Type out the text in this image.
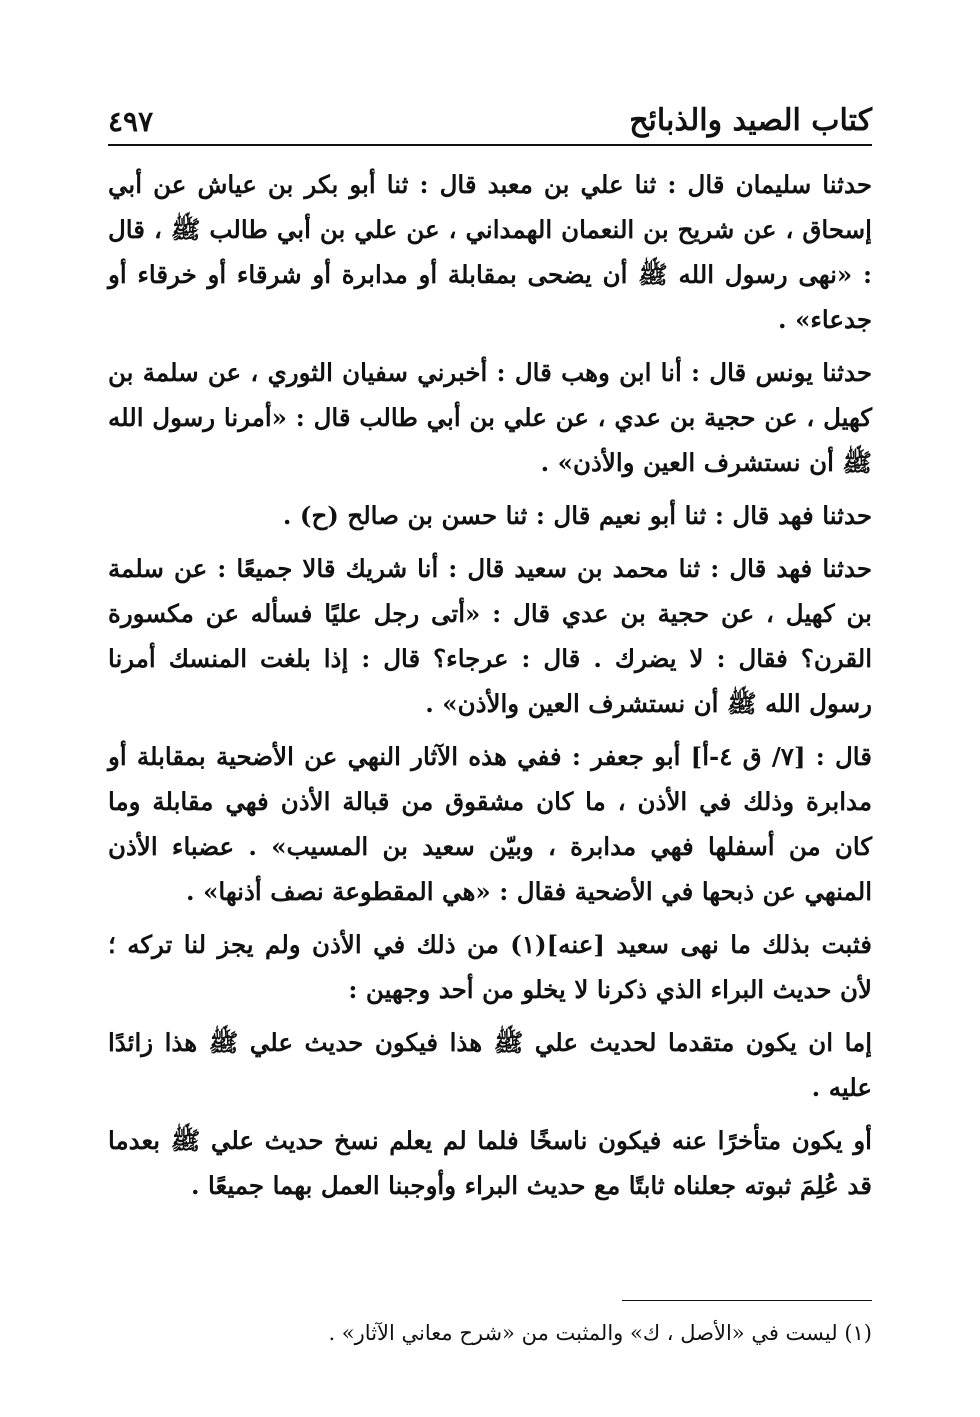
كتاب الصيد والذبائح
٤٩٧

حدثنا سليمان قال : ثنا علي بن معبد قال : ثنا أبو بكر بن عياش عن أبي إسحاق ، عن شريح بن النعمان الهمداني ، عن علي بن أبي طالب ﷺ ، قال : «نهى رسول الله ﷺ أن يضحى بمقابلة أو مدابرة أو شرقاء أو خرقاء أو جدعاء» .

حدثنا يونس قال : أنا ابن وهب قال : أخبرني سفيان الثوري ، عن سلمة بن كهيل ، عن حجية بن عدي ، عن علي بن أبي طالب قال : «أمرنا رسول الله ﷺ أن نستشرف العين والأذن» .

حدثنا فهد قال : ثنا أبو نعيم قال : ثنا حسن بن صالح (ح) .

حدثنا فهد قال : ثنا محمد بن سعيد قال : أنا شريك قالا جميعًا : عن سلمة بن كهيل ، عن حجية بن عدي قال : «أتى رجل عليًا فسأله عن مكسورة القرن؟ فقال : لا يضرك . قال : عرجاء؟ قال : إذا بلغت المنسك أمرنا رسول الله ﷺ أن نستشرف العين والأذن» .

قال : [٧/ ق ٤-أ] أبو جعفر : ففي هذه الآثار النهي عن الأضحية بمقابلة أو مدابرة وذلك في الأذن ، ما كان مشقوق من قبالة الأذن فهي مقابلة وما كان من أسفلها فهي مدابرة ، وبيّن سعيد بن المسيب» . عضباء الأذن المنهي عن ذبحها في الأضحية فقال : «هي المقطوعة نصف أذنها» .

فثبت بذلك ما نهى سعيد [عنه](١) من ذلك في الأذن ولم يجز لنا تركه ؛ لأن حديث البراء الذي ذكرنا لا يخلو من أحد وجهين :

إما ان يكون متقدما لحديث علي ﷺ هذا فيكون حديث علي ﷺ هذا زائدًا عليه .

أو يكون متأخرًا عنه فيكون ناسخًا فلما لم يعلم نسخ حديث علي ﷺ بعدما قد عُلِمَ ثبوته جعلناه ثابتًا مع حديث البراء وأوجبنا العمل بهما جميعًا .

(١) ليست في «الأصل ، ك» والمثبت من «شرح معاني الآثار» .
